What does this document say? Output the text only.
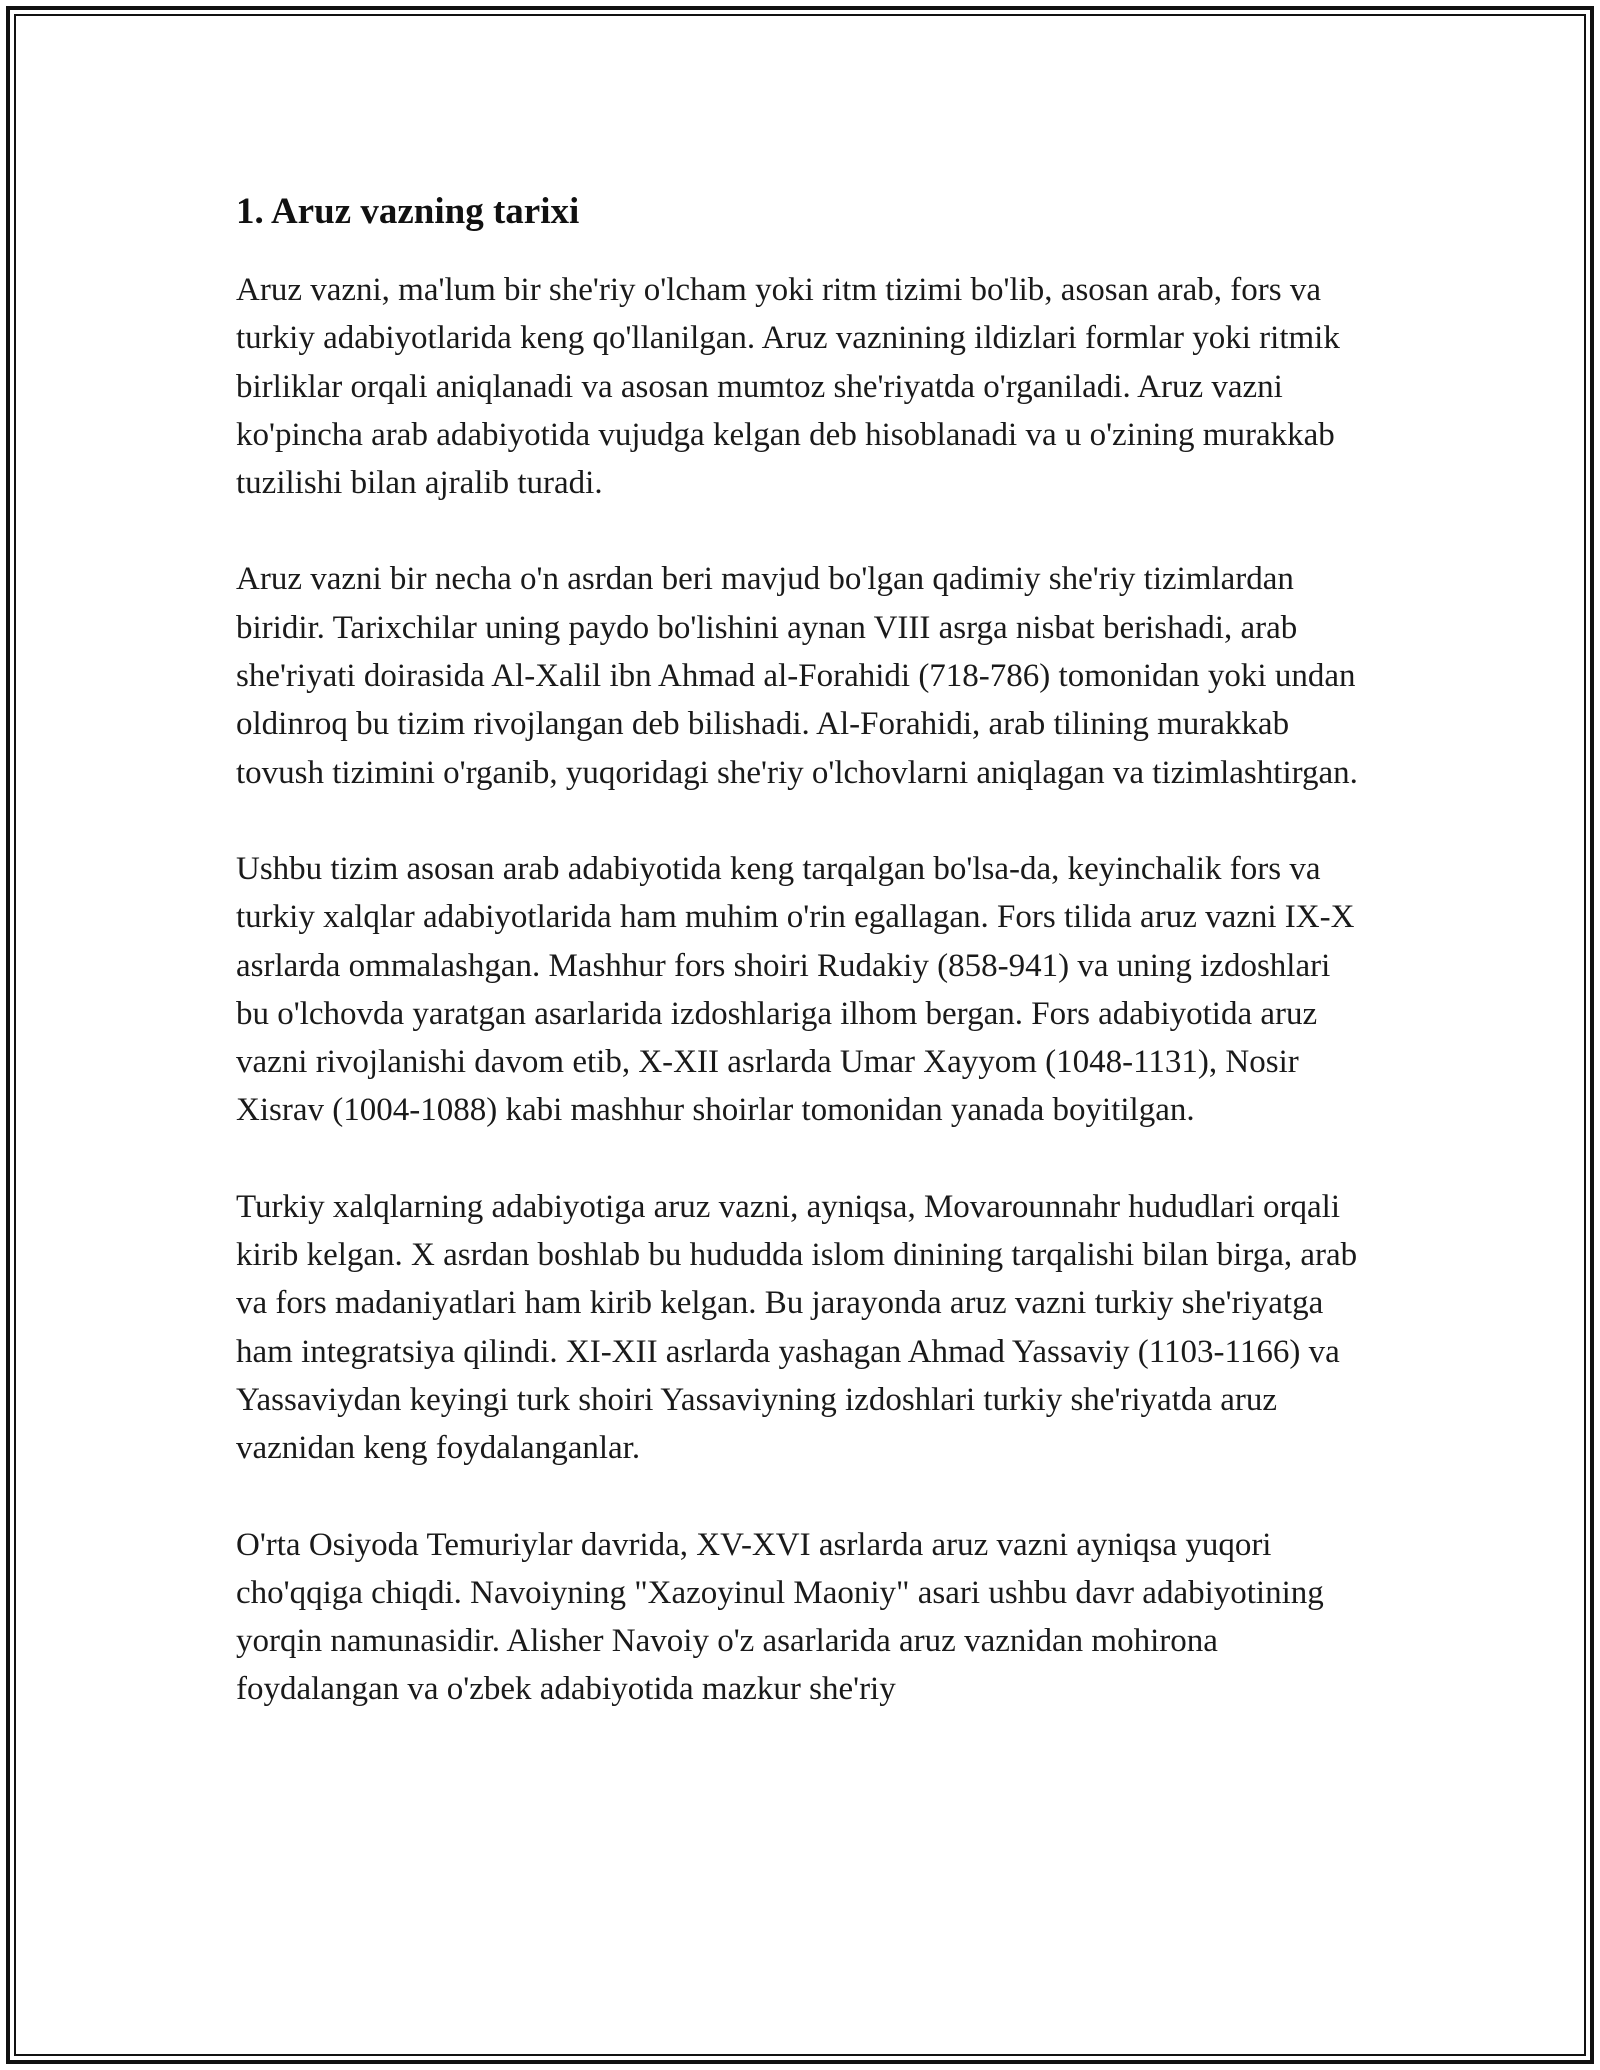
1. Aruz vazning tarixi

Aruz vazni, ma'lum bir she'riy o'lcham yoki ritm tizimi bo'lib, asosan arab, fors va turkiy adabiyotlarida keng qo'llanilgan. Aruz vaznining ildizlari formlar yoki ritmik birliklar orqali aniqlanadi va asosan mumtoz she'riyatda o'rganiladi. Aruz vazni ko'pincha arab adabiyotida vujudga kelgan deb hisoblanadi va u o'zining murakkab tuzilishi bilan ajralib turadi.

Aruz vazni bir necha o'n asrdan beri mavjud bo'lgan qadimiy she'riy tizimlardan biridir. Tarixchilar uning paydo bo'lishini aynan VIII asrga nisbat berishadi, arab she'riyati doirasida Al-Xalil ibn Ahmad al-Forahidi (718-786) tomonidan yoki undan oldinroq bu tizim rivojlangan deb bilishadi. Al-Forahidi, arab tilining murakkab tovush tizimini o'rganib, yuqoridagi she'riy o'lchovlarni aniqlagan va tizimlashtirgan.

Ushbu tizim asosan arab adabiyotida keng tarqalgan bo'lsa-da, keyinchalik fors va turkiy xalqlar adabiyotlarida ham muhim o'rin egallagan. Fors tilida aruz vazni IX-X asrlarda ommalashgan. Mashhur fors shoiri Rudakiy (858-941) va uning izdoshlari bu o'lchovda yaratgan asarlarida izdoshlariga ilhom bergan. Fors adabiyotida aruz vazni rivojlanishi davom etib, X-XII asrlarda Umar Xayyom (1048-1131), Nosir Xisrav (1004-1088) kabi mashhur shoirlar tomonidan yanada boyitilgan.

Turkiy xalqlarning adabiyotiga aruz vazni, ayniqsa, Movarounnahr hududlari orqali kirib kelgan. X asrdan boshlab bu hududda islom dinining tarqalishi bilan birga, arab va fors madaniyatlari ham kirib kelgan. Bu jarayonda aruz vazni turkiy she'riyatga ham integratsiya qilindi. XI-XII asrlarda yashagan Ahmad Yassaviy (1103-1166) va Yassaviydan keyingi turk shoiri Yassaviyning izdoshlari turkiy she'riyatda aruz vaznidan keng foydalanganlar.

O'rta Osiyoda Temuriylar davrida, XV-XVI asrlarda aruz vazni ayniqsa yuqori cho'qqiga chiqdi. Navoiyning "Xazoyinul Maoniy" asari ushbu davr adabiyotining yorqin namunasidir. Alisher Navoiy o'z asarlarida aruz vaznidan mohirona foydalangan va o'zbek adabiyotida mazkur she'riy
